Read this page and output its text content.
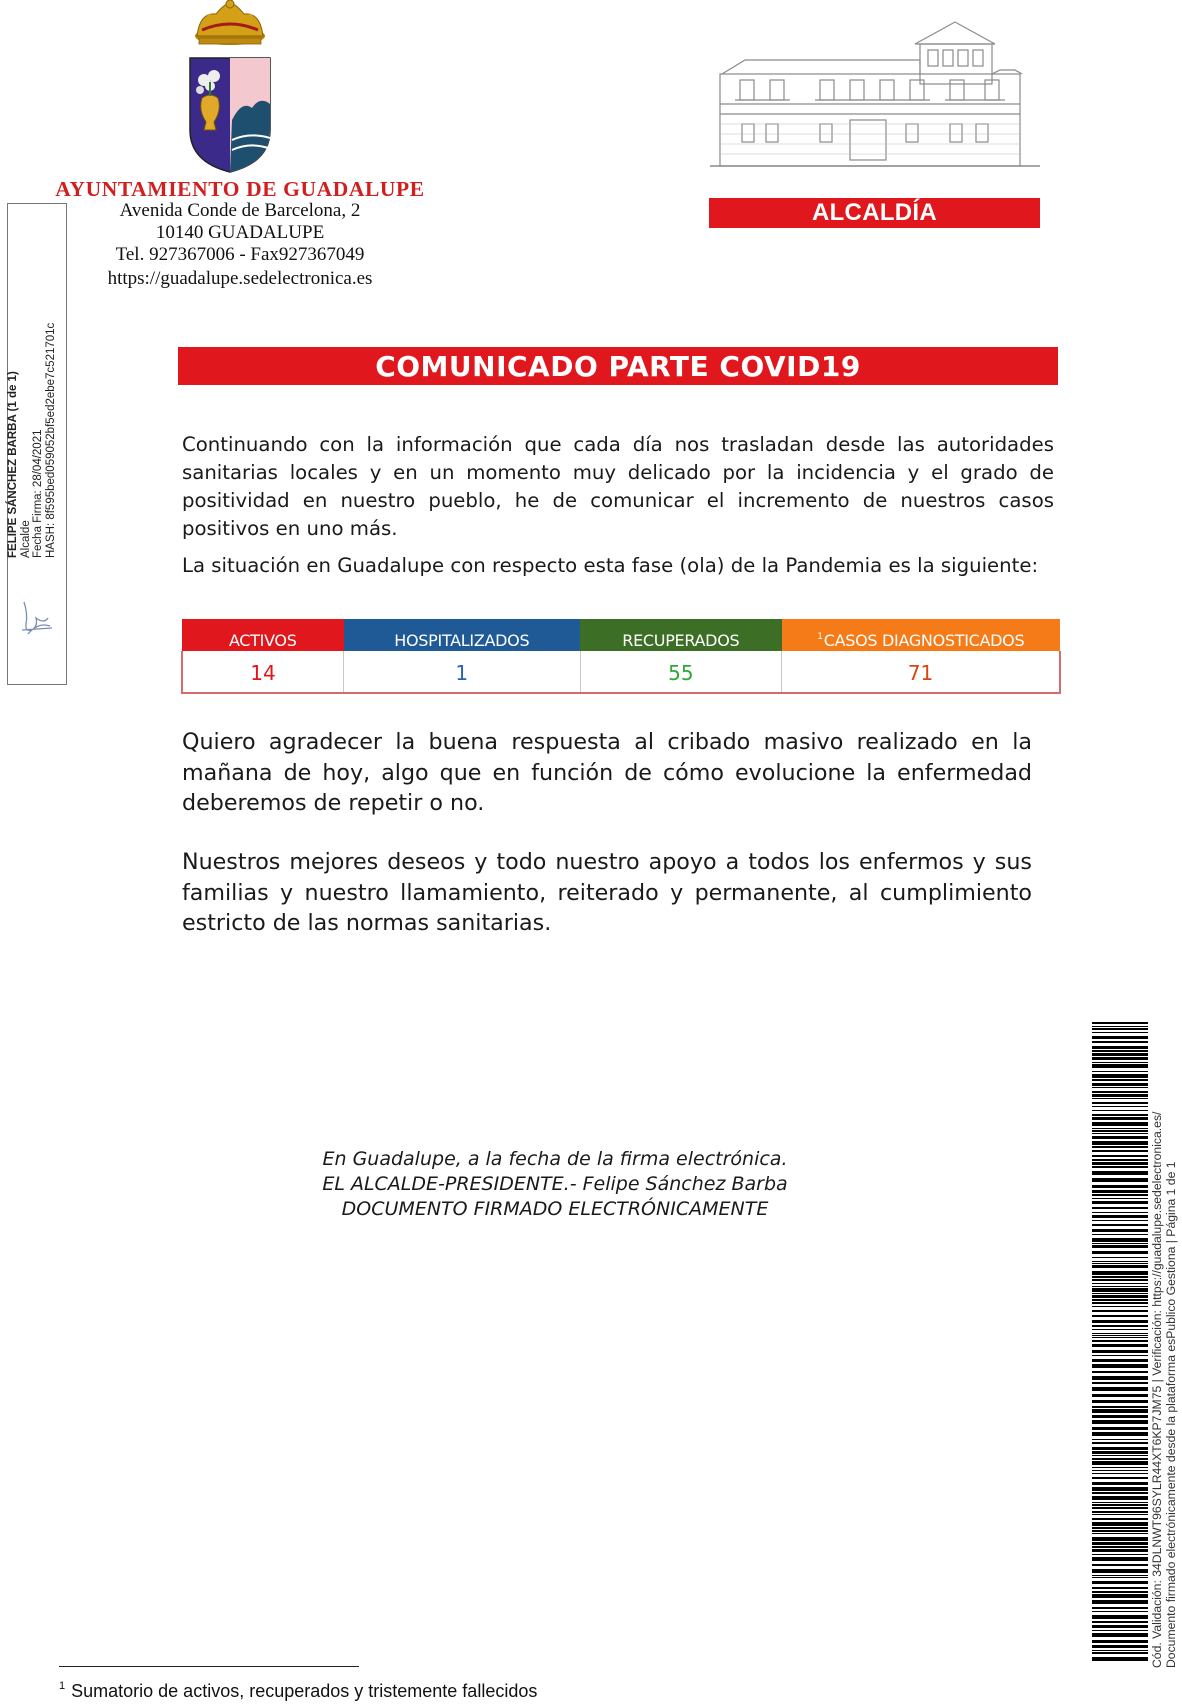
AYUNTAMIENTO DE GUADALUPE
Avenida Conde de Barcelona, 2
10140 GUADALUPE
Tel. 927367006 - Fax927367049
https://guadalupe.sedelectronica.es
ALCALDÍA
FELIPE SÁNCHEZ BARBA (1 de 1) Alcalde Fecha Firma: 28/04/2021 HASH: 8f595bed059052bf5ed2ebe7c521701c	COMUNICADO PARTE COVID19
Continuando con la información que cada día nos trasladan desde las autoridades sanitarias locales y en un momento muy delicado por la incidencia y el grado de positividad en nuestro pueblo, he de comunicar el incremento de nuestros casos positivos en uno más.
La situación en Guadalupe con respecto esta fase (ola) de la Pandemia es la siguiente:
ACTIVOS	HOSPITALIZADOS	RECUPERADOS	$^1$CASOS DIAGNOSTICADOS
14	1	55	71
Quiero agradecer la buena respuesta al cribado masivo realizado en la mañana de hoy, algo que en función de cómo evolucione la enfermedad deberemos de repetir o no.
Nuestros mejores deseos y todo nuestro apoyo a todos los enfermos y sus familias y nuestro llamamiento, reiterado y permanente, al cumplimiento estricto de las normas sanitarias.
En Guadalupe, a la fecha de la firma electrónica.
EL ALCALDE-PRESIDENTE.- Felipe Sánchez Barba
DOCUMENTO FIRMADO ELECTRÓNICAMENTE	Cód. Validación: 34DLNWT96SYLR44XT6KP7JM75 | Verificación: https://guadalupe.sedelectronica.es/ Documento firmado electrónicamente desde la plataforma esPublico Gestiona | Página 1 de 1
$^1$ Sumatorio de activos, recuperados y tristemente fallecidos
